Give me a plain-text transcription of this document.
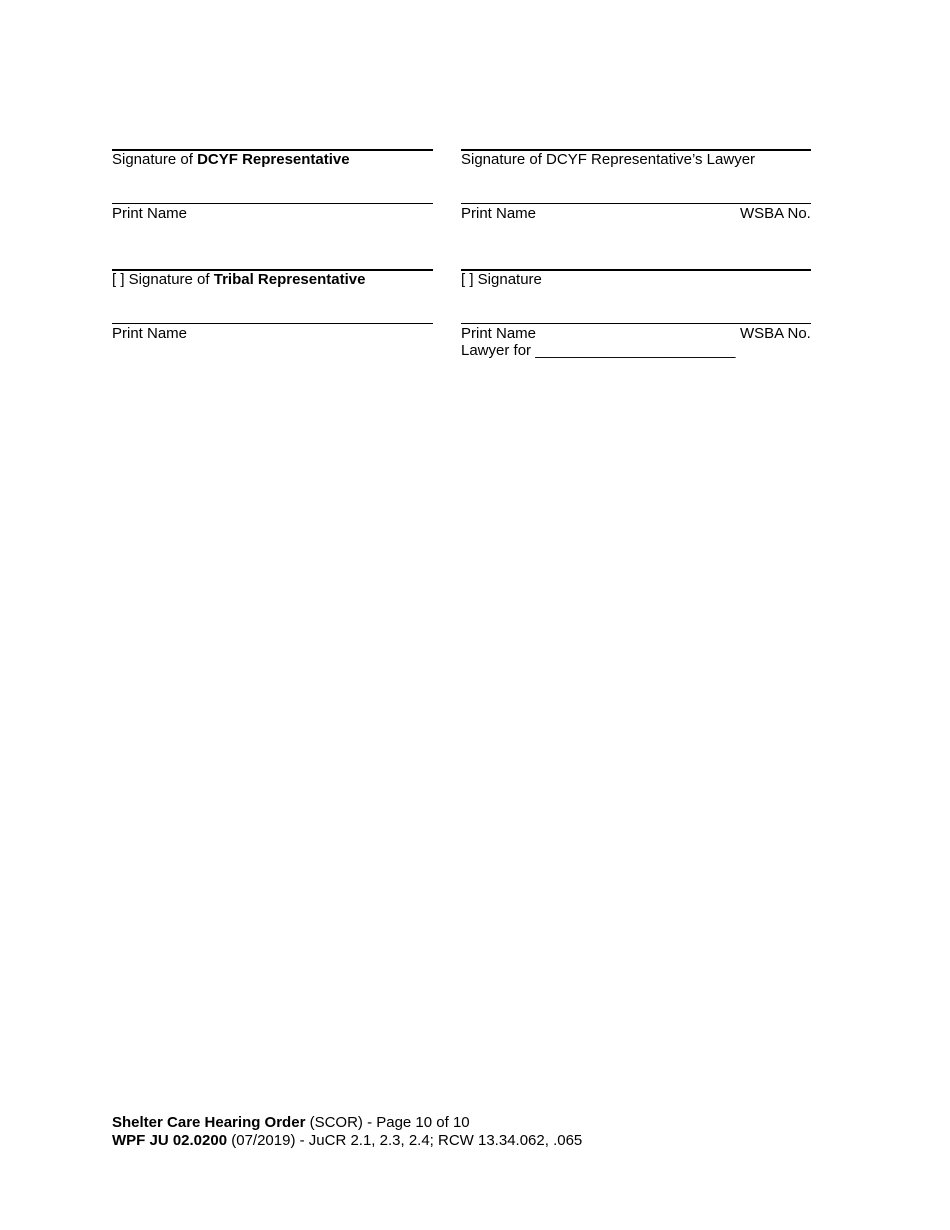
Signature of DCYF Representative	Signature of DCYF Representative’s Lawyer
Print Name	Print Name	WSBA No.
[ ] Signature of Tribal Representative	[ ] Signature
Print Name	Print Name	WSBA No.
Lawyer for ________________________
Shelter Care Hearing Order (SCOR) - Page 10 of 10
WPF JU 02.0200 (07/2019) - JuCR 2.1, 2.3, 2.4; RCW 13.34.062, .065
